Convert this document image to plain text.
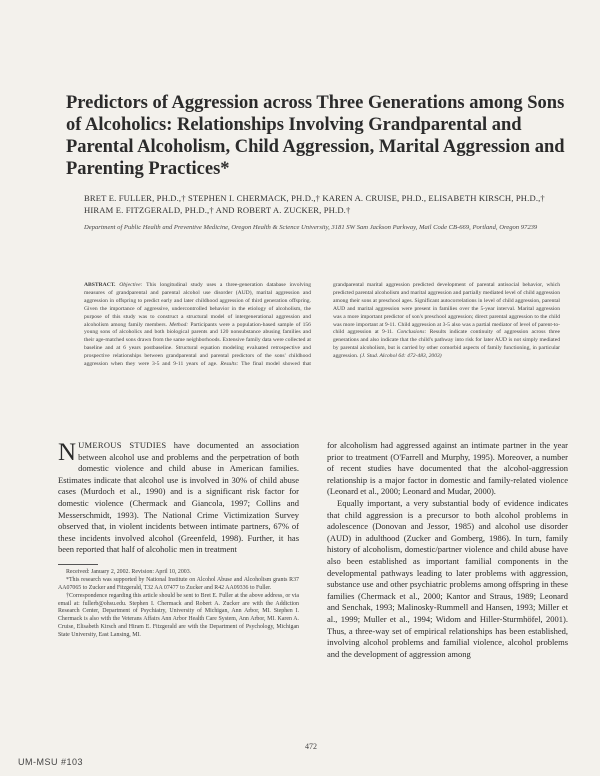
Predictors of Aggression across Three Generations among Sons of Alcoholics: Relationships Involving Grandparental and Parental Alcoholism, Child Aggression, Marital Aggression and Parenting Practices*
BRET E. FULLER, PH.D.,† STEPHEN I. CHERMACK, PH.D.,† KAREN A. CRUISE, PH.D., ELISABETH KIRSCH, PH.D.,† HIRAM E. FITZGERALD, PH.D.,† AND ROBERT A. ZUCKER, PH.D.†
Department of Public Health and Preventive Medicine, Oregon Health & Science University, 3181 SW Sam Jackson Parkway, Mail Code CB-669, Portland, Oregon 97239
ABSTRACT. Objective: This longitudinal study uses a three-generation database involving measures of grandparental and parental alcohol use disorder (AUD), marital aggression and aggression in offspring to predict early and later childhood aggression of third generation offspring. Given the importance of aggressive, undercontrolled behavior in the etiology of alcoholism, the purpose of this study was to construct a structural model of intergenerational aggression and alcoholism among family members. Method: Participants were a population-based sample of 156 young sons of alcoholics and both biological parents and 120 nonsubstance abusing families and their age-matched sons drawn from the same neighborhoods. Extensive family data were collected at baseline and at 6 years postbaseline. Structural equation modeling evaluated retrospective and prospective relationships between grandparental and parental predictors of the sons' childhood aggression when they were 3-5 and 9-11 years of age. Results: The final model showed that grandparental marital aggression predicted development of parental antisocial behavior, which predicted parental alcoholism and marital aggression and partially mediated level of child aggression among their sons at preschool ages. Significant autocorrelations in level of child aggression, parental AUD and marital aggression were present in families over the 5-year interval. Marital aggression was a more important predictor of son's preschool aggression; direct parental aggression to the child was more important at 9-11. Child aggression at 3-5 also was a partial mediator of level of parent-to-child aggression at 9-11. Conclusions: Results indicate continuity of aggression across three generations and also indicate that the child's pathway into risk for later AUD is not simply mediated by parental alcoholism, but is carried by other comorbid aspects of family functioning, in particular aggression. (J. Stud. Alcohol 64: 472-483, 2003)

NUMEROUS STUDIES have documented an association between alcohol use and problems and the perpetration of both domestic violence and child abuse in American families. Estimates indicate that alcohol use is involved in 30% of child abuse cases (Murdoch et al., 1990) and is a significant risk factor for domestic violence (Chermack and Giancola, 1997; Collins and Messerschmidt, 1993). The National Crime Victimization Survey observed that, in violent incidents between intimate partners, 67% of these incidents involved alcohol (Greenfeld, 1998). Further, it has been reported that half of alcoholic men in treatment

Received: January 2, 2002. Revision: April 10, 2003.

*This research was supported by National Institute on Alcohol Abuse and Alcoholism grants R37 AA07065 to Zucker and Fitzgerald, T32 AA 07477 to Zucker and R42 AA09336 to Fuller.

†Correspondence regarding this article should be sent to Bret E. Fuller at the above address, or via email at: fullerb@ohsu.edu. Stephen I. Chermack and Robert A. Zucker are with the Addiction Research Center, Department of Psychiatry, University of Michigan, Ann Arbor, MI. Stephen I. Chermack is also with the Veterans Affairs Ann Arbor Health Care System, Ann Arbor, MI. Karen A. Cruise, Elisabeth Kirsch and Hiram E. Fitzgerald are with the Department of Psychology, Michigan State University, East Lansing, MI.

for alcoholism had aggressed against an intimate partner in the year prior to treatment (O'Farrell and Murphy, 1995). Moreover, a number of recent studies have documented that the alcohol-aggression relationship is a major factor in domestic and family-related violence (Leonard et al., 2000; Leonard and Mudar, 2000).

Equally important, a very substantial body of evidence indicates that child aggression is a precursor to both alcohol problems in adolescence (Donovan and Jessor, 1985) and alcohol use disorder (AUD) in adulthood (Zucker and Gomberg, 1986). In turn, family history of alcoholism, domestic/partner violence and child abuse have also been established as important familial components in the developmental pathways leading to later problems with aggression, substance use and other psychiatric problems among offspring in these families (Chermack et al., 2000; Kantor and Straus, 1989; Leonard and Senchak, 1993; Malinosky-Rummell and Hansen, 1993; Miller et al., 1999; Muller et al., 1994; Widom and Hiller-Sturmhöfel, 2001). Thus, a three-way set of empirical relationships has been established, involving alcohol problems and familial violence, alcohol problems and the development of aggression among

472
UM-MSU #103
